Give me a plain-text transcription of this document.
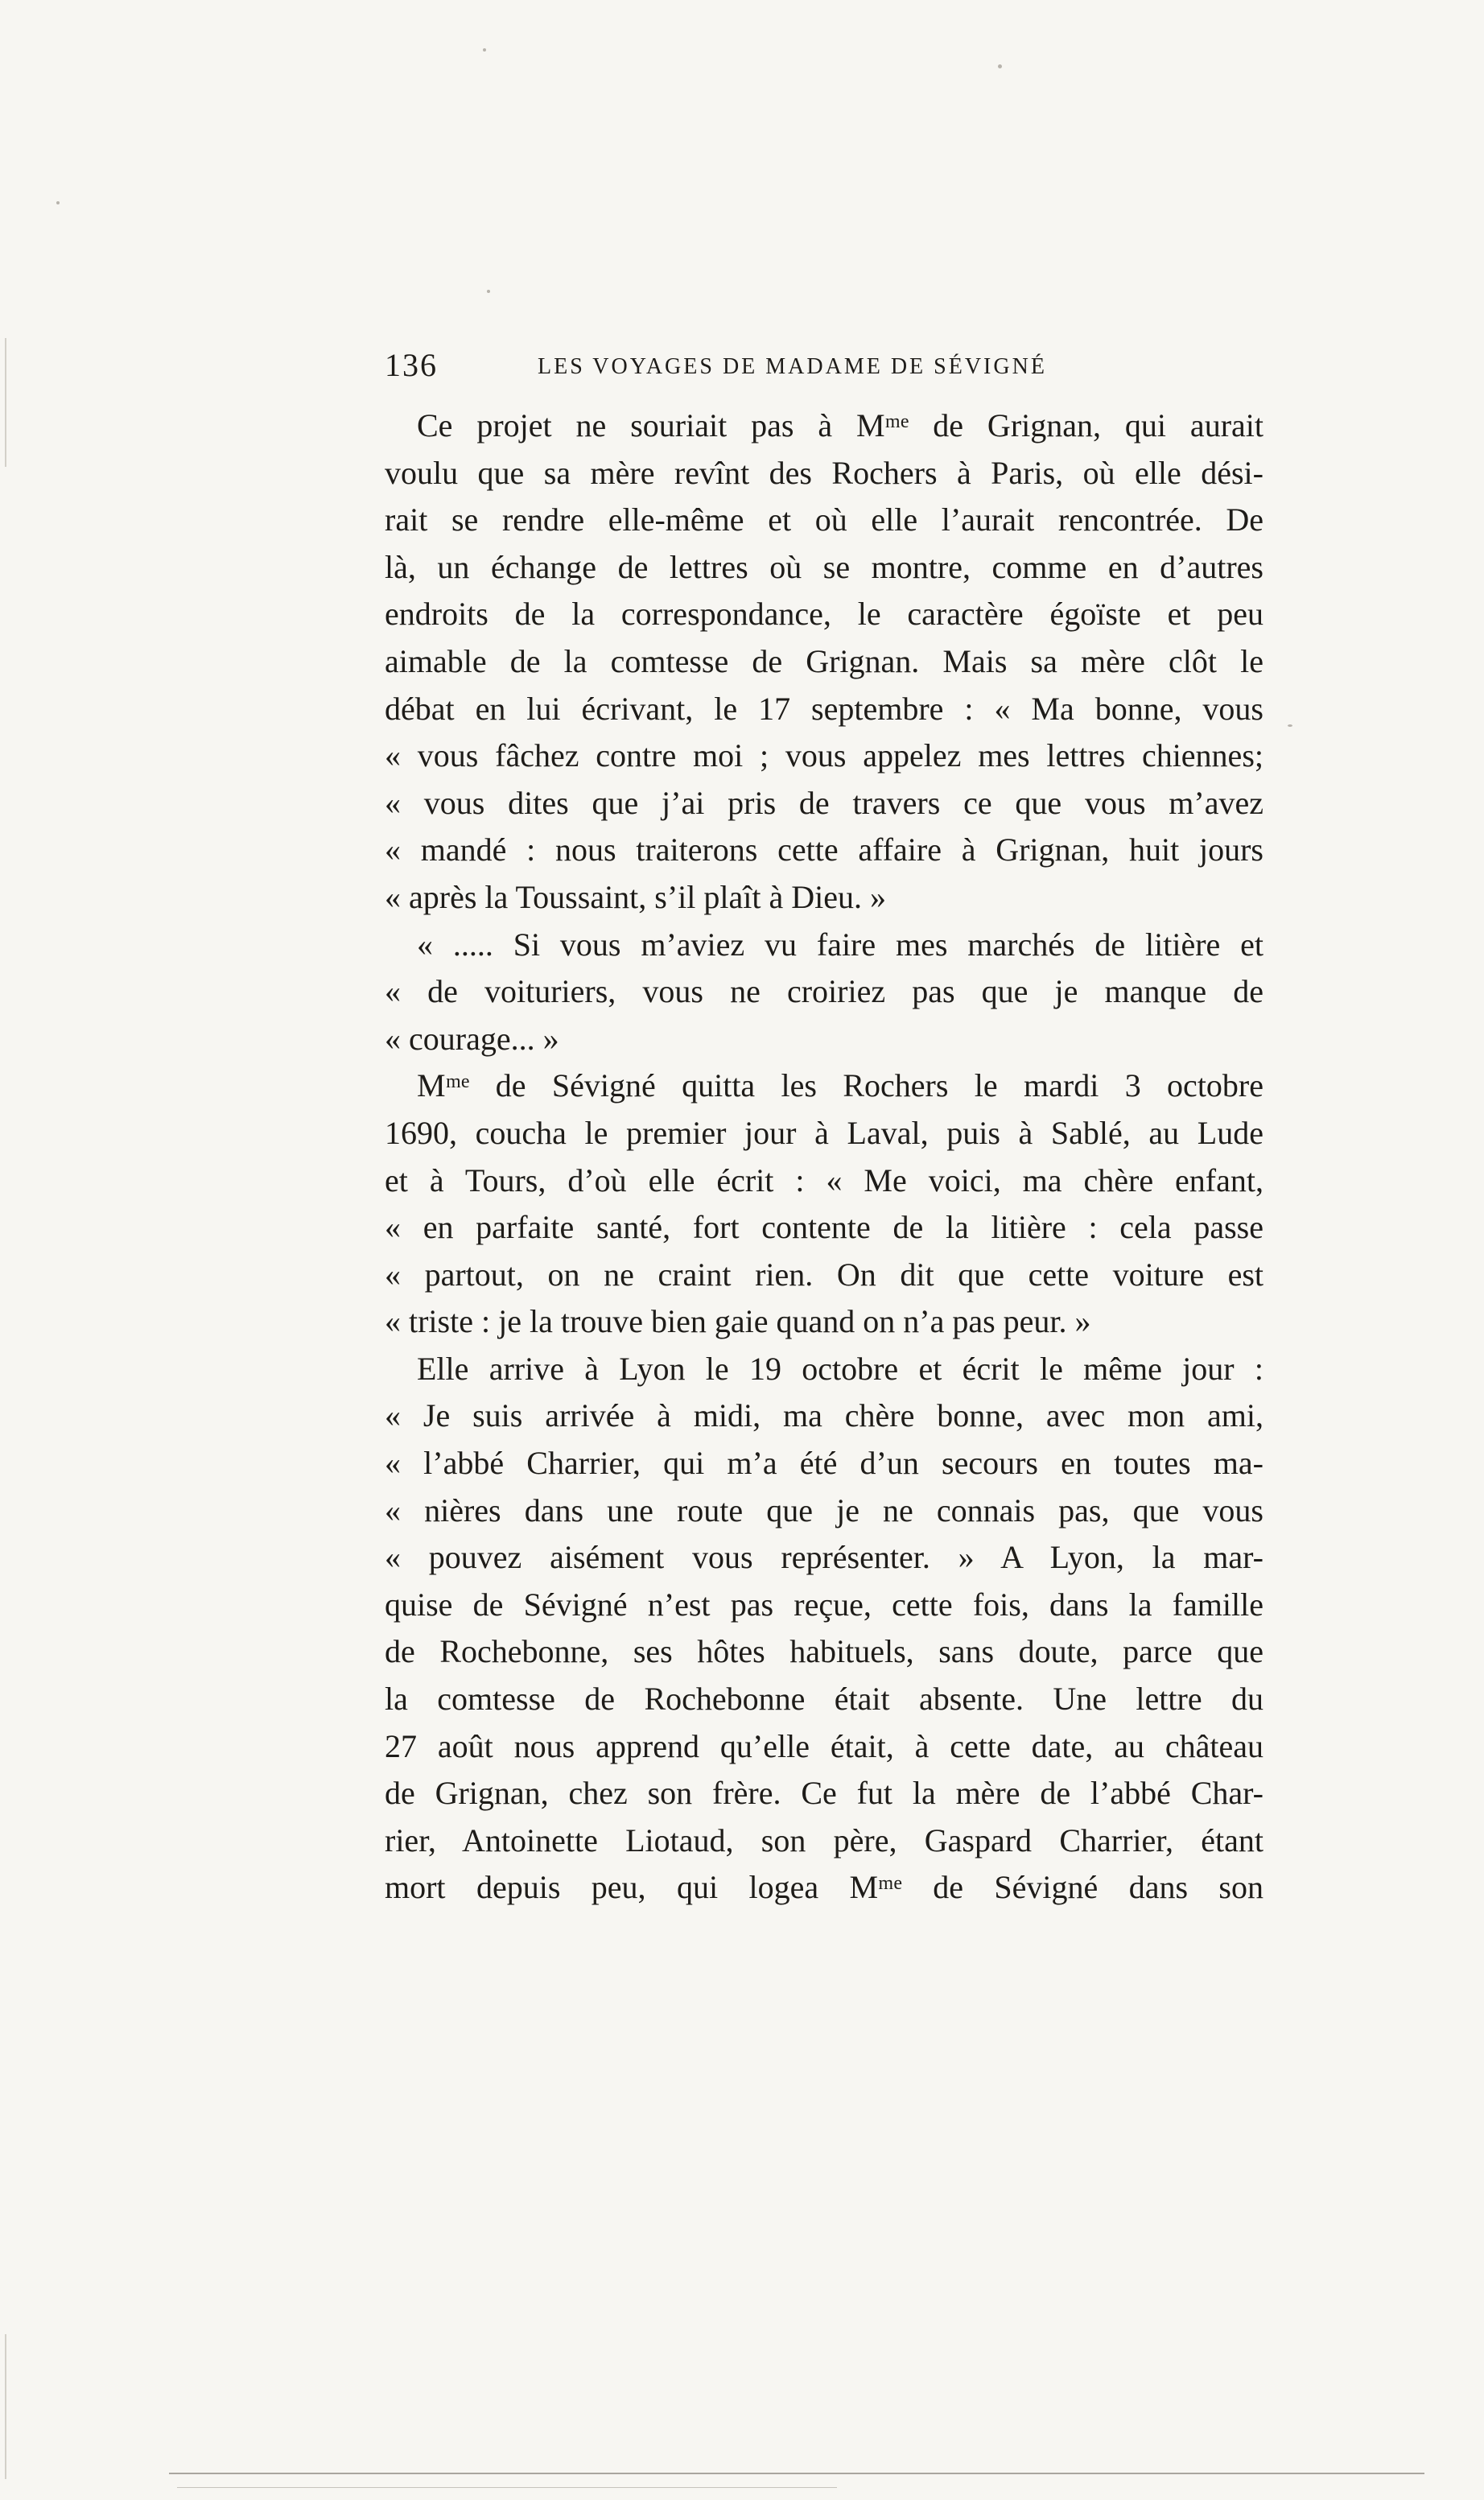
136	LES VOYAGES DE MADAME DE SÉVIGNÉ
Ce projet ne souriait pas à Mᵐᵉ de Grignan, qui aurait
voulu que sa mère revînt des Rochers à Paris, où elle dési-
rait se rendre elle-même et où elle l’aurait rencontrée. De
là, un échange de lettres où se montre, comme en d’autres
endroits de la correspondance, le caractère égoïste et peu
aimable de la comtesse de Grignan. Mais sa mère clôt le
débat en lui écrivant, le 17 septembre : « Ma bonne, vous
« vous fâchez contre moi ; vous appelez mes lettres chiennes;
« vous dites que j’ai pris de travers ce que vous m’avez
« mandé : nous traiterons cette affaire à Grignan, huit jours
« après la Toussaint, s’il plaît à Dieu. »
« ..... Si vous m’aviez vu faire mes marchés de litière et
« de voituriers, vous ne croiriez pas que je manque de
« courage... »
Mᵐᵉ de Sévigné quitta les Rochers le mardi 3 octobre
1690, coucha le premier jour à Laval, puis à Sablé, au Lude
et à Tours, d’où elle écrit : « Me voici, ma chère enfant,
« en parfaite santé, fort contente de la litière : cela passe
« partout, on ne craint rien. On dit que cette voiture est
« triste : je la trouve bien gaie quand on n’a pas peur. »
Elle arrive à Lyon le 19 octobre et écrit le même jour :
« Je suis arrivée à midi, ma chère bonne, avec mon ami,
« l’abbé Charrier, qui m’a été d’un secours en toutes ma-
« nières dans une route que je ne connais pas, que vous
« pouvez aisément vous représenter. » A Lyon, la mar-
quise de Sévigné n’est pas reçue, cette fois, dans la famille
de Rochebonne, ses hôtes habituels, sans doute, parce que
la comtesse de Rochebonne était absente. Une lettre du
27 août nous apprend qu’elle était, à cette date, au château
de Grignan, chez son frère. Ce fut la mère de l’abbé Char-
rier, Antoinette Liotaud, son père, Gaspard Charrier, étant
mort depuis peu, qui logea Mᵐᵉ de Sévigné dans son
